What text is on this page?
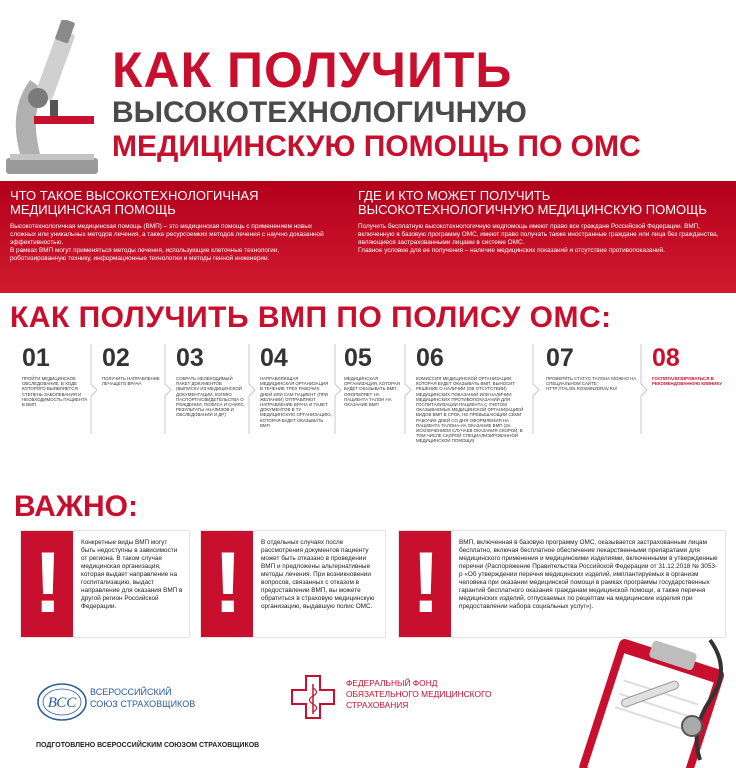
КАК ПОЛУЧИТЬ
ВЫСОКОТЕХНОЛОГИЧНУЮ
МЕДИЦИНСКУЮ ПОМОЩЬ ПО ОМС
ЧТО ТАКОЕ ВЫСОКОТЕХНОЛОГИЧНАЯ МЕДИЦИНСКАЯ ПОМОЩЬ

Высокотехнологичная медицинская помощь (ВМП) – это медицинская помощь с применением новых сложных или уникальных методов лечения, а также ресурсоемких методов лечения с научно доказанной эффективностью.

В рамках ВМП могут применяться методы лечения, использующие клеточные технологии, роботизированную технику, информационные технологии и методы генной инженерии.

ГДЕ И КТО МОЖЕТ ПОЛУЧИТЬ ВЫСОКОТЕХНОЛОГИЧНУЮ МЕДИЦИНСКУЮ ПОМОЩЬ

Получить бесплатную высокотехнологичную медпомощь имеют право все граждане Российской Федерации. ВМП, включенную в базовую программу ОМС, имеют право получать также иностранные граждане или лица без гражданства, являющиеся застрахованными лицами в системе ОМС.

Главное условие для ее получения – наличие медицинских показаний и отсутствие противопоказаний.

КАК ПОЛУЧИТЬ ВМП ПО ПОЛИСУ ОМС:
01
ПРОЙТИ МЕДИЦИНСКОЕ ОБСЛЕДОВАНИЕ, В ХОДЕ КОТОРОГО ВЫЯВЛЯЕТСЯ СТЕПЕНЬ ЗАБОЛЕВАНИЯ И НЕОБХОДИМОСТЬ ПАЦИЕНТА В ВМП
02
ПОЛУЧИТЬ НАПРАВЛЕНИЕ ЛЕЧАЩЕГО ВРАЧА
03
СОБРАТЬ НЕОБХОДИМЫЙ ПАКЕТ ДОКУМЕНТОВ (ВЫПИСКУ ИЗ МЕДИЦИНСКОЙ ДОКУМЕНТАЦИИ, КОПИЮ ПАСПОРТА/СВИДЕТЕЛЬСТВА О РОЖДЕНИИ, ПОЛИСА И СНИЛС, РЕЗУЛЬТАТЫ АНАЛИЗОВ И ОБСЛЕДОВАНИЙ И ДР.)
04
НАПРАВЛЯЮЩАЯ МЕДИЦИНСКАЯ ОРГАНИЗАЦИЯ В ТЕЧЕНИЕ ТРЕХ РАБОЧИХ ДНЕЙ ИЛИ САМ ПАЦИЕНТ (ПРИ ЖЕЛАНИИ) ОТПРАВЛЯЮТ НАПРАВЛЕНИЕ ВРАЧА И ПАКЕТ ДОКУМЕНТОВ В ТУ МЕДИЦИНСКУЮ ОРГАНИЗАЦИЮ, КОТОРАЯ БУДЕТ ОКАЗЫВАТЬ ВМП
05
МЕДИЦИНСКАЯ ОРГАНИЗАЦИЯ, КОТОРАЯ БУДЕТ ОКАЗЫВАТЬ ВМП, ОФОРМЛЯЕТ НА ПАЦИЕНТА ТАЛОН НА ОКАЗАНИЕ ВМП
06
КОМИССИЯ МЕДИЦИНСКОЙ ОРГАНИЗАЦИИ, КОТОРАЯ БУДЕТ ОКАЗЫВАТЬ ВМП, ВЫНОСИТ РЕШЕНИЕ О НАЛИЧИИ (ОБ ОТСУТСТВИИ) МЕДИЦИНСКИХ ПОКАЗАНИЙ ИЛИ НАЛИЧИИ МЕДИЦИНСКИХ ПРОТИВОПОКАЗАНИЙ ДЛЯ ГОСПИТАЛИЗАЦИИ ПАЦИЕНТА С УЧЕТОМ ОКАЗЫВАЕМЫХ МЕДИЦИНСКОЙ ОРГАНИЗАЦИЕЙ ВИДОВ ВМП В СРОК, НЕ ПРЕВЫШАЮЩИЙ СЕМИ РАБОЧИХ ДНЕЙ СО ДНЯ ОФОРМЛЕНИЯ НА ПАЦИЕНТА ТАЛОНА НА ОКАЗАНИЕ ВМП (ЗА ИСКЛЮЧЕНИЕМ СЛУЧАЕВ ОКАЗАНИЯ СКОРОЙ, В ТОМ ЧИСЛЕ СКОРОЙ СПЕЦИАЛИЗИРОВАННОЙ МЕДИЦИНСКОЙ ПОМОЩИ)
07
ПРОВЕРИТЬ СТАТУС ТАЛОНА МОЖНО НА СПЕЦИАЛЬНОМ САЙТЕ: HTTP://TALON.ROSMINZDRAV.RU/
08
ГОСПИТАЛИЗИРОВАТЬСЯ В РЕКОМЕНДОВАННУЮ КЛИНИКУ
ВАЖНО:
!	Конкретные виды ВМП могут быть недоступны в зависимости от региона. В таком случае медицинская организация, которая выдает направление на госпитализацию, выдаст направление для оказания ВМП в другой регион Российской Федерации.	!	В отдельных случаях после рассмотрения документов пациенту может быть отказано в проведении ВМП и предложены альтернативные методы лечения. При возникновении вопросов, связанных с отказом в предоставлении ВМП, вы можете обратиться в страховую медицинскую организацию, выдавшую полис ОМС. !	ВМП, включенная в базовую программу ОМС, оказывается застрахованным лицам бесплатно, включая бесплатное обеспечение лекарственными препаратами для медицинского применения и медицинскими изделиями, включенными в утвержденные перечни (Распоряжение Правительства Российской Федерации от 31.12.2018 № 3053-р «Об утверждении перечня медицинских изделий, имплантируемых в организм человека при оказании медицинской помощи в рамках программы государственных гарантий бесплатного оказания гражданам медицинской помощи, а также перечня медицинских изделий, отпускаемых по рецептам на медицинские изделия при предоставлении набора социальных услуг»).
ВСС
ВСЕРОССИЙСКИЙ
СОЮЗ СТРАХОВЩИКОВ
ФЕДЕРАЛЬНЫЙ ФОНД
ОБЯЗАТЕЛЬНОГО МЕДИЦИНСКОГО
СТРАХОВАНИЯ
ПОДГОТОВЛЕНО ВСЕРОССИЙСКИМ СОЮЗОМ СТРАХОВЩИКОВ
